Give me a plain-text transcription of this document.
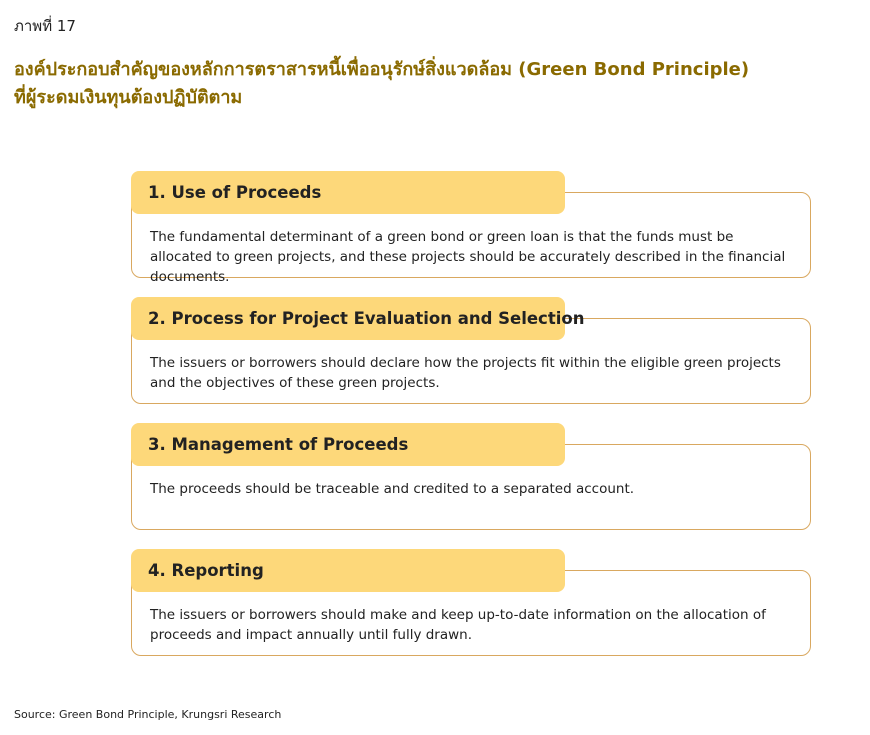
ภาพที่ 17
องค์ประกอบสำคัญของหลักการตราสารหนี้เพื่ออนุรักษ์สิ่งแวดล้อม (Green Bond Principle)
ที่ผู้ระดมเงินทุนต้องปฏิบัติตาม
1. Use of Proceeds
The fundamental determinant of a green bond or green loan is that the funds must be allocated to green projects, and these projects should be accurately described in the financial documents.
2. Process for Project Evaluation and Selection
The issuers or borrowers should declare how the projects fit within the eligible green projects and the objectives of these green projects.
3. Management of Proceeds
The proceeds should be traceable and credited to a separated account.
4. Reporting
The issuers or borrowers should make and keep up-to-date information on the allocation of proceeds and impact annually until fully drawn.
Source: Green Bond Principle, Krungsri Research
